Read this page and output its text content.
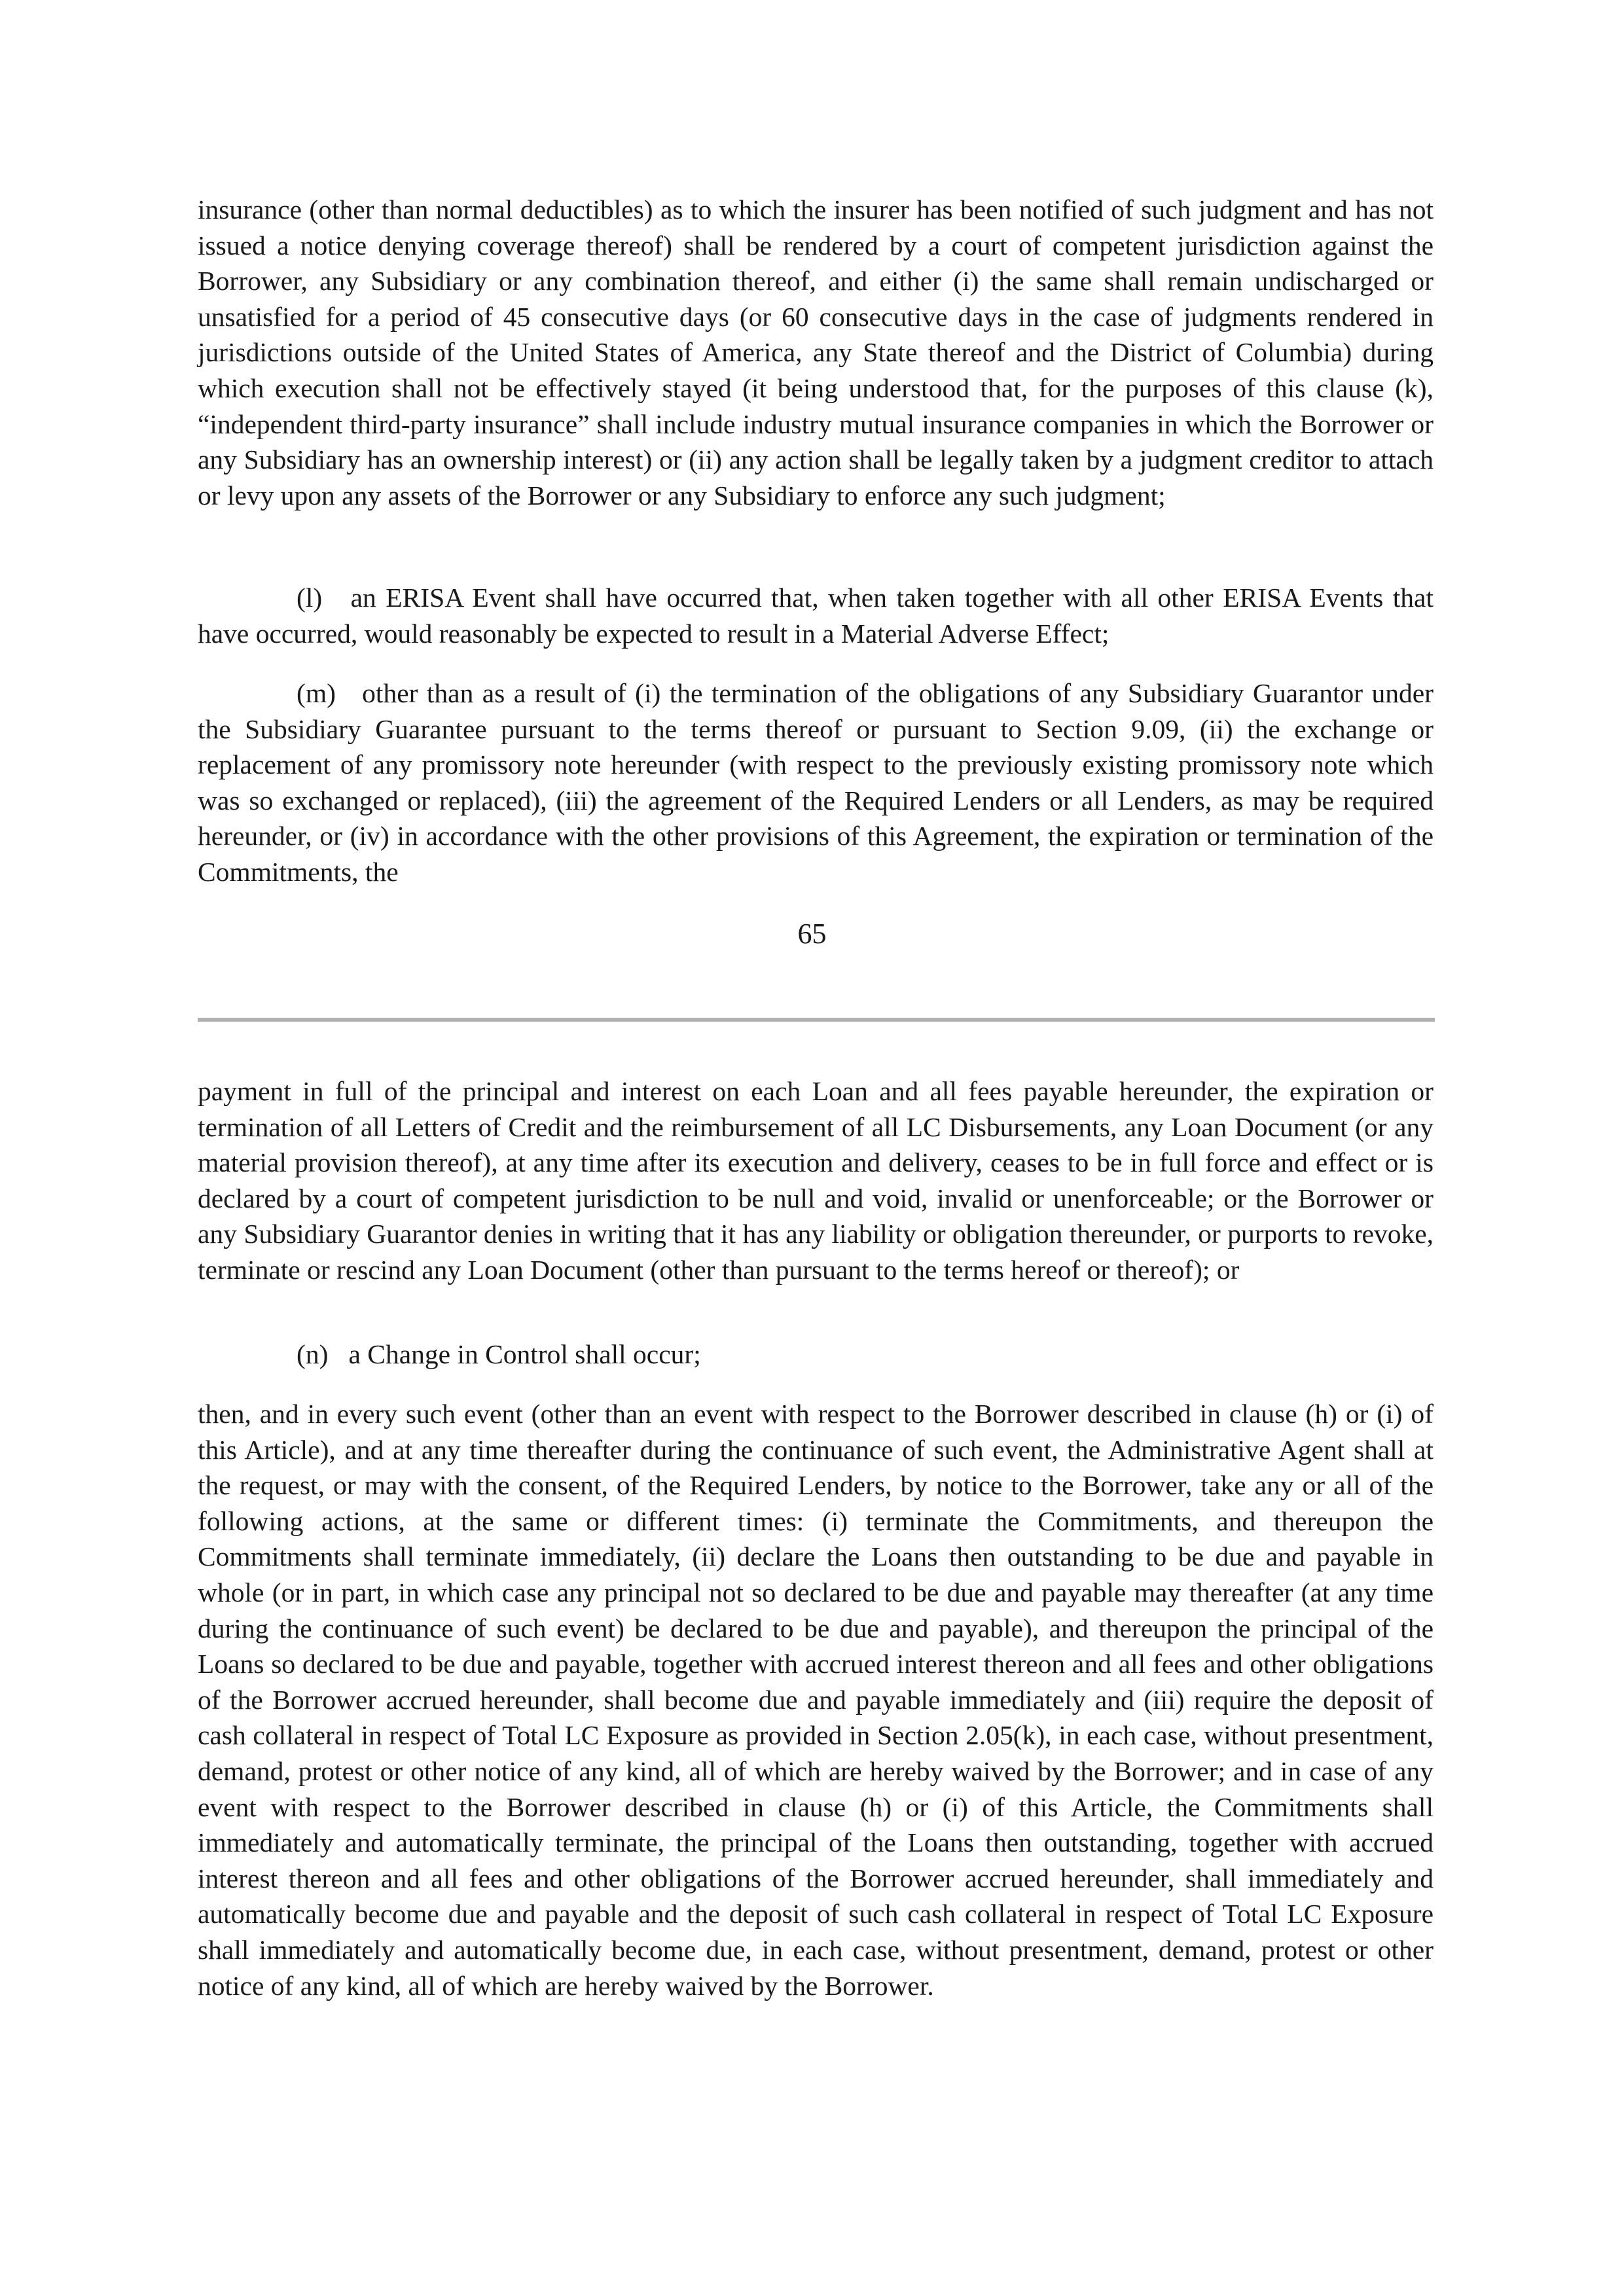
insurance (other than normal deductibles) as to which the insurer has been notified of such judgment and has not issued a notice denying coverage thereof) shall be rendered by a court of competent jurisdiction against the Borrower, any Subsidiary or any combination thereof, and either (i) the same shall remain undischarged or unsatisfied for a period of 45 consecutive days (or 60 consecutive days in the case of judgments rendered in jurisdictions outside of the United States of America, any State thereof and the District of Columbia) during which execution shall not be effectively stayed (it being understood that, for the purposes of this clause (k), “independent third-party insurance” shall include industry mutual insurance companies in which the Borrower or any Subsidiary has an ownership interest) or (ii) any action shall be legally taken by a judgment creditor to attach or levy upon any assets of the Borrower or any Subsidiary to enforce any such judgment;

(l)   an ERISA Event shall have occurred that, when taken together with all other ERISA Events that have occurred, would reasonably be expected to result in a Material Adverse Effect;

(m)   other than as a result of (i) the termination of the obligations of any Subsidiary Guarantor under the Subsidiary Guarantee pursuant to the terms thereof or pursuant to Section 9.09, (ii) the exchange or replacement of any promissory note hereunder (with respect to the previously existing promissory note which was so exchanged or replaced), (iii) the agreement of the Required Lenders or all Lenders, as may be required hereunder, or (iv) in accordance with the other provisions of this Agreement, the expiration or termination of the Commitments, the

65

payment in full of the principal and interest on each Loan and all fees payable hereunder, the expiration or termination of all Letters of Credit and the reimbursement of all LC Disbursements, any Loan Document (or any material provision thereof), at any time after its execution and delivery, ceases to be in full force and effect or is declared by a court of competent jurisdiction to be null and void, invalid or unenforceable; or the Borrower or any Subsidiary Guarantor denies in writing that it has any liability or obligation thereunder, or purports to revoke, terminate or rescind any Loan Document (other than pursuant to the terms hereof or thereof); or

(n)   a Change in Control shall occur;

then, and in every such event (other than an event with respect to the Borrower described in clause (h) or (i) of this Article), and at any time thereafter during the continuance of such event, the Administrative Agent shall at the request, or may with the consent, of the Required Lenders, by notice to the Borrower, take any or all of the following actions, at the same or different times: (i) terminate the Commitments, and thereupon the Commitments shall terminate immediately, (ii) declare the Loans then outstanding to be due and payable in whole (or in part, in which case any principal not so declared to be due and payable may thereafter (at any time during the continuance of such event) be declared to be due and payable), and thereupon the principal of the Loans so declared to be due and payable, together with accrued interest thereon and all fees and other obligations of the Borrower accrued hereunder, shall become due and payable immediately and (iii) require the deposit of cash collateral in respect of Total LC Exposure as provided in Section 2.05(k), in each case, without presentment, demand, protest or other notice of any kind, all of which are hereby waived by the Borrower; and in case of any event with respect to the Borrower described in clause (h) or (i) of this Article, the Commitments shall immediately and automatically terminate, the principal of the Loans then outstanding, together with accrued interest thereon and all fees and other obligations of the Borrower accrued hereunder, shall immediately and automatically become due and payable and the deposit of such cash collateral in respect of Total LC Exposure shall immediately and automatically become due, in each case, without presentment, demand, protest or other notice of any kind, all of which are hereby waived by the Borrower.
